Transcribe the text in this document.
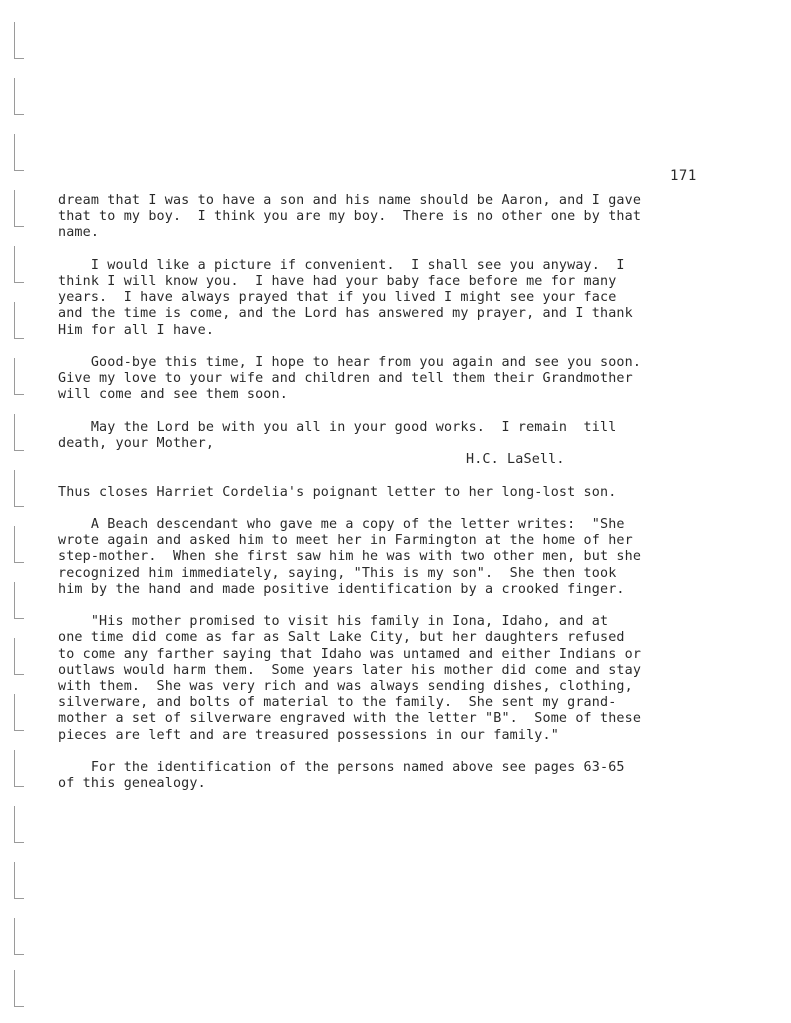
171
dream that I was to have a son and his name should be Aaron, and I gave
that to my boy.  I think you are my boy.  There is no other one by that
name.
I would like a picture if convenient.  I shall see you anyway.  I
think I will know you.  I have had your baby face before me for many
years.  I have always prayed that if you lived I might see your face
and the time is come, and the Lord has answered my prayer, and I thank
Him for all I have.
Good-bye this time, I hope to hear from you again and see you soon.
Give my love to your wife and children and tell them their Grandmother
will come and see them soon.
May the Lord be with you all in your good works.  I remain  till
death, your Mother,
H.C. LaSell.
Thus closes Harriet Cordelia's poignant letter to her long-lost son.
A Beach descendant who gave me a copy of the letter writes:  "She
wrote again and asked him to meet her in Farmington at the home of her
step-mother.  When she first saw him he was with two other men, but she
recognized him immediately, saying, "This is my son".  She then took
him by the hand and made positive identification by a crooked finger.
"His mother promised to visit his family in Iona, Idaho, and at
one time did come as far as Salt Lake City, but her daughters refused
to come any farther saying that Idaho was untamed and either Indians or
outlaws would harm them.  Some years later his mother did come and stay
with them.  She was very rich and was always sending dishes, clothing,
silverware, and bolts of material to the family.  She sent my grand-
mother a set of silverware engraved with the letter "B".  Some of these
pieces are left and are treasured possessions in our family."
For the identification of the persons named above see pages 63-65
of this genealogy.
